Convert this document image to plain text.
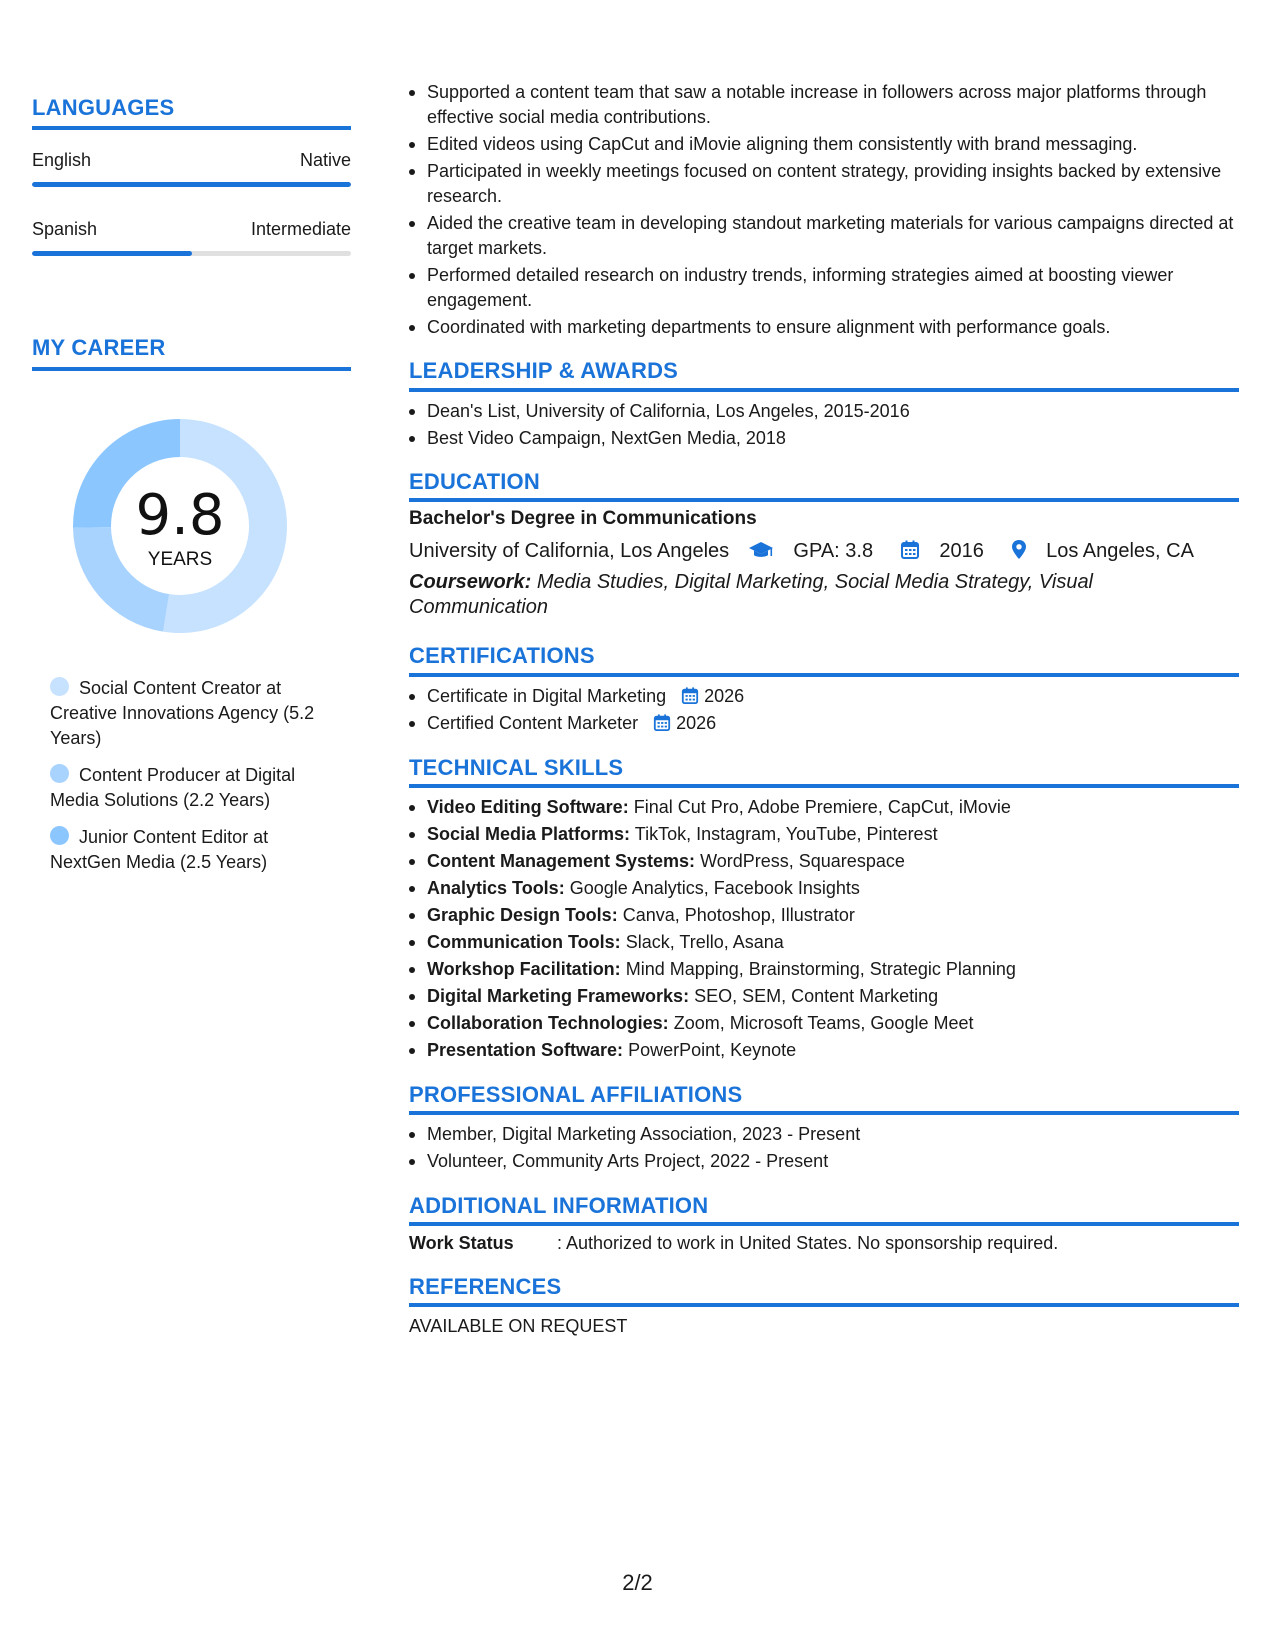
LANGUAGES
English	Native
Spanish	Intermediate
MY CAREER
9.8
YEARS
Social Content Creator at Creative Innovations Agency (5.2 Years)
Content Producer at Digital Media Solutions (2.2 Years)
Junior Content Editor at NextGen Media (2.5 Years)
Supported a content team that saw a notable increase in followers across major platforms through effective social media contributions.
Edited videos using CapCut and iMovie aligning them consistently with brand messaging.
Participated in weekly meetings focused on content strategy, providing insights backed by extensive research.
Aided the creative team in developing standout marketing materials for various campaigns directed at target markets.
Performed detailed research on industry trends, informing strategies aimed at boosting viewer engagement.
Coordinated with marketing departments to ensure alignment with performance goals.
LEADERSHIP & AWARDS
Dean's List, University of California, Los Angeles, 2015-2016
Best Video Campaign, NextGen Media, 2018
EDUCATION
Bachelor's Degree in Communications
University of California, Los Angeles	GPA: 3.8	2016	Los Angeles, CA
Coursework: Media Studies, Digital Marketing, Social Media Strategy, Visual Communication
CERTIFICATIONS
Certificate in Digital Marketing 2026
Certified Content Marketer 2026
TECHNICAL SKILLS
Video Editing Software: Final Cut Pro, Adobe Premiere, CapCut, iMovie
Social Media Platforms: TikTok, Instagram, YouTube, Pinterest
Content Management Systems: WordPress, Squarespace
Analytics Tools: Google Analytics, Facebook Insights
Graphic Design Tools: Canva, Photoshop, Illustrator
Communication Tools: Slack, Trello, Asana
Workshop Facilitation: Mind Mapping, Brainstorming, Strategic Planning
Digital Marketing Frameworks: SEO, SEM, Content Marketing
Collaboration Technologies: Zoom, Microsoft Teams, Google Meet
Presentation Software: PowerPoint, Keynote
PROFESSIONAL AFFILIATIONS
Member, Digital Marketing Association, 2023 - Present
Volunteer, Community Arts Project, 2022 - Present
ADDITIONAL INFORMATION
Work Status : Authorized to work in United States. No sponsorship required.
REFERENCES
AVAILABLE ON REQUEST
2/2
